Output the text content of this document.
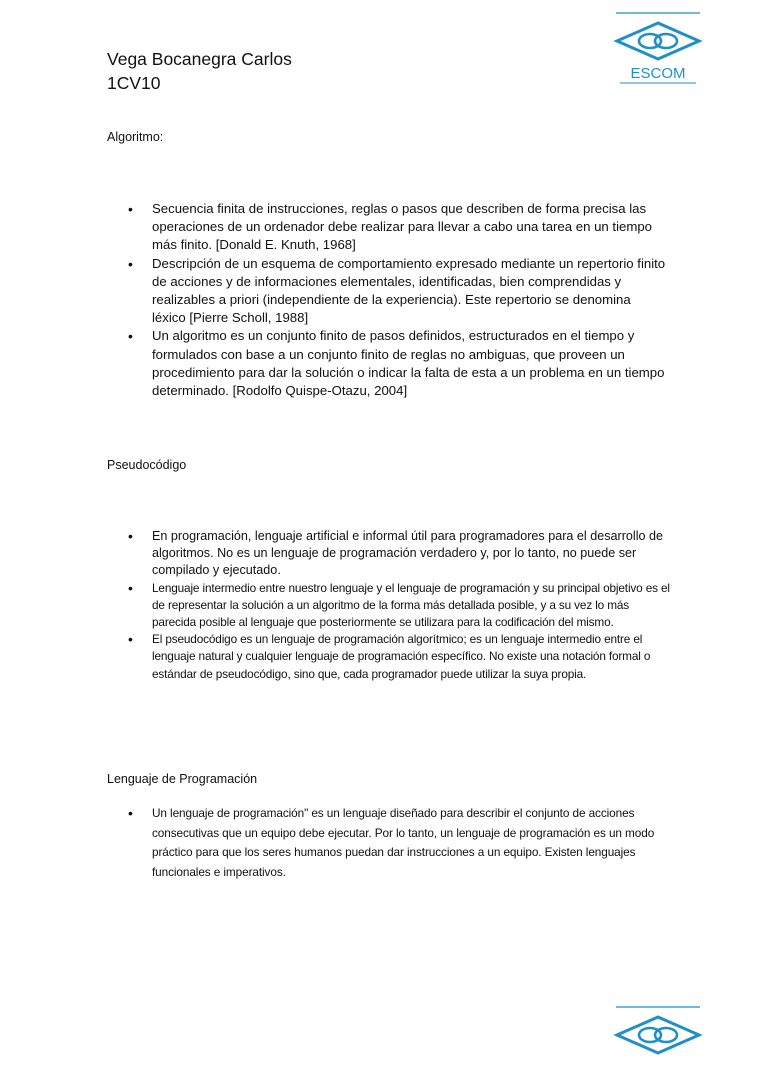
Vega Bocanegra Carlos
1CV10	ESCOM
Algoritmo:
• Secuencia finita de instrucciones, reglas o pasos que describen de forma precisa las operaciones de un ordenador debe realizar para llevar a cabo una tarea en un tiempo más finito. [Donald E. Knuth, 1968]
• Descripción de un esquema de comportamiento expresado mediante un repertorio finito de acciones y de informaciones elementales, identificadas, bien comprendidas y realizables a priori (independiente de la experiencia). Este repertorio se denomina léxico [Pierre Scholl, 1988]
• Un algoritmo es un conjunto finito de pasos definidos, estructurados en el tiempo y formulados con base a un conjunto finito de reglas no ambiguas, que proveen un procedimiento para dar la solución o indicar la falta de esta a un problema en un tiempo determinado. [Rodolfo Quispe-Otazu, 2004]
Pseudocódigo
• En programación, lenguaje artificial e informal útil para programadores para el desarrollo de algoritmos. No es un lenguaje de programación verdadero y, por lo tanto, no puede ser compilado y ejecutado.
• Lenguaje intermedio entre nuestro lenguaje y el lenguaje de programación y su principal objetivo es el de representar la solución a un algoritmo de la forma más detallada posible, y a su vez lo más parecida posible al lenguaje que posteriormente se utilizara para la codificación del mismo.
• El pseudocódigo es un lenguaje de programación algorítmico; es un lenguaje intermedio entre el lenguaje natural y cualquier lenguaje de programación específico. No existe una notación formal o estándar de pseudocódigo, sino que, cada programador puede utilizar la suya propia.
Lenguaje de Programación
• Un lenguaje de programación" es un lenguaje diseñado para describir el conjunto de acciones consecutivas que un equipo debe ejecutar. Por lo tanto, un lenguaje de programación es un modo práctico para que los seres humanos puedan dar instrucciones a un equipo. Existen lenguajes funcionales e imperativos.
